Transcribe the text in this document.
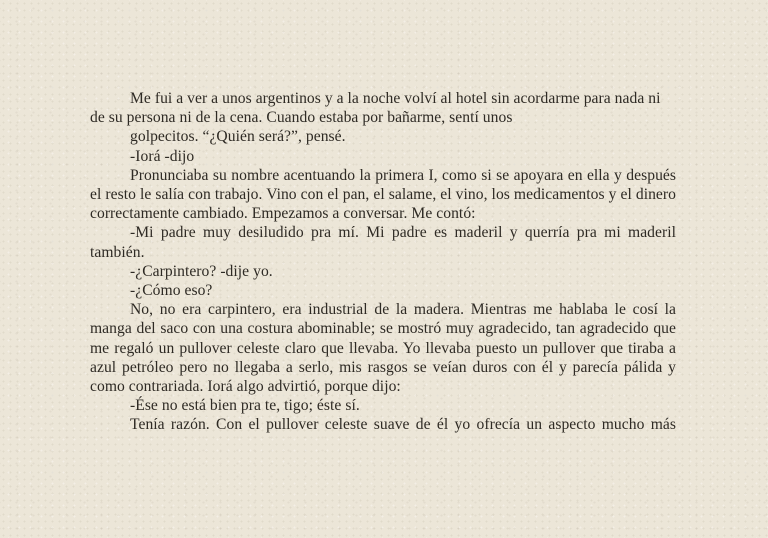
Me fui a ver a unos argentinos y a la noche volví al hotel sin acordarme para nada ni de su persona ni de la cena. Cuando estaba por bañarme, sentí unos

golpecitos. “¿Quién será?”, pensé.

-Iorá -dijo

Pronunciaba su nombre acentuando la primera I, como si se apoyara en ella y después el resto le salía con trabajo. Vino con el pan, el salame, el vino, los medicamentos y el dinero correctamente cambiado. Empezamos a conversar. Me contó:

-Mi padre muy desiludido pra mí. Mi padre es maderil y querría pra mi maderil también.

-¿Carpintero? -dije yo.

-¿Cómo eso?

No, no era carpintero, era industrial de la madera. Mientras me hablaba le cosí la manga del saco con una costura abominable; se mostró muy agradecido, tan agradecido que me regaló un pullover celeste claro que llevaba. Yo llevaba puesto un pullover que tiraba a azul petróleo pero no llegaba a serlo, mis rasgos se veían duros con él y parecía pálida y como contrariada. Iorá algo advirtió, porque dijo:

-Ése no está bien pra te, tigo; éste sí.

Tenía razón. Con el pullover celeste suave de él yo ofrecía un aspecto mucho más
